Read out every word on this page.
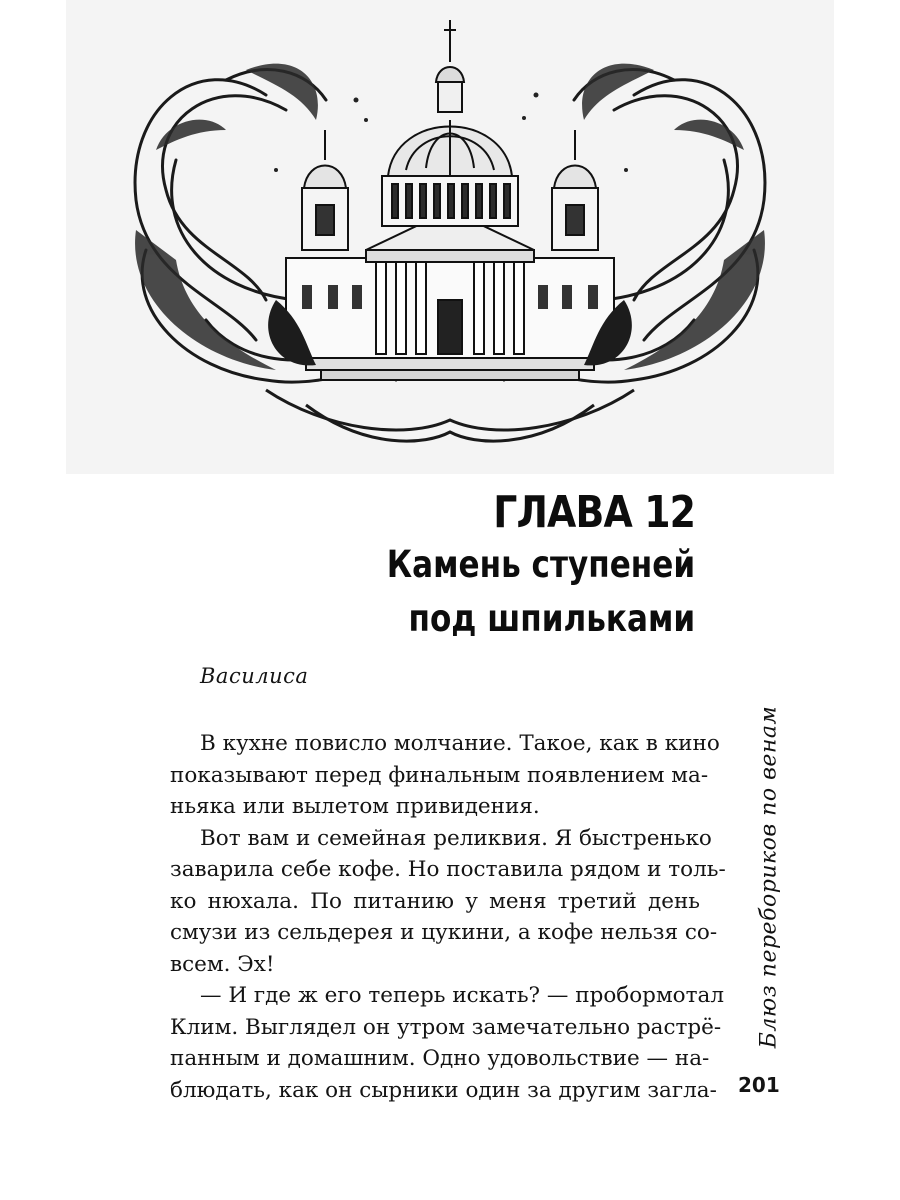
ГЛАВА 12
Камень ступеней
под шпильками
Василиса

В кухне повисло молчание. Такое, как в кино
показывают перед финальным появлением ма-
ньяка или вылетом привидения.

Вот вам и семейная реликвия. Я быстренько
заварила себе кофе. Но поставила рядом и толь-
ко нюхала. По питанию у меня третий день
смузи из сельдерея и цукини, а кофе нельзя со-
всем. Эх!

— И где ж его теперь искать? — пробормотал
Клим. Выглядел он утром замечательно растрё-
панным и домашним. Одно удовольствие — на-
блюдать, как он сырники один за другим загла-

Блюз перебориков по венам
201
